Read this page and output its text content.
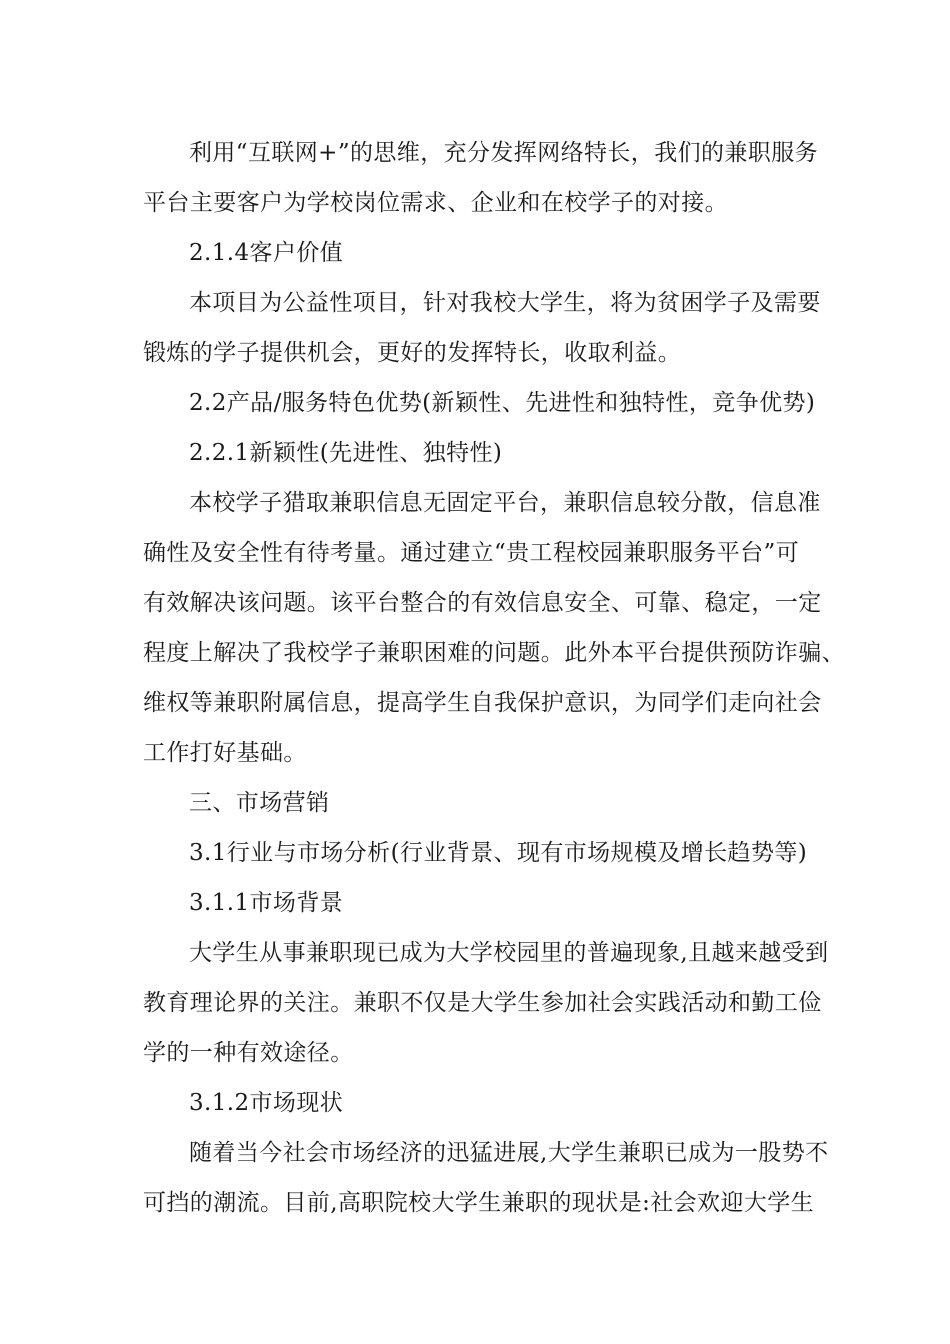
利用“互联网+”的思维，充分发挥网络特长，我们的兼职服务
平台主要客户为学校岗位需求、企业和在校学子的对接。

2.1.4客户价值

本项目为公益性项目，针对我校大学生，将为贫困学子及需要
锻炼的学子提供机会，更好的发挥特长，收取利益。

2.2产品/服务特色优势(新颖性、先进性和独特性，竞争优势)

2.2.1新颖性(先进性、独特性)

本校学子猎取兼职信息无固定平台，兼职信息较分散，信息准
确性及安全性有待考量。通过建立“贵工程校园兼职服务平台”可
有效解决该问题。该平台整合的有效信息安全、可靠、稳定，一定
程度上解决了我校学子兼职困难的问题。此外本平台提供预防诈骗、
维权等兼职附属信息，提高学生自我保护意识，为同学们走向社会
工作打好基础。

三、市场营销

3.1行业与市场分析(行业背景、现有市场规模及增长趋势等)

3.1.1市场背景

大学生从事兼职现已成为大学校园里的普遍现象,且越来越受到
教育理论界的关注。兼职不仅是大学生参加社会实践活动和勤工俭
学的一种有效途径。

3.1.2市场现状

随着当今社会市场经济的迅猛进展,大学生兼职已成为一股势不
可挡的潮流。目前,高职院校大学生兼职的现状是:社会欢迎大学生
